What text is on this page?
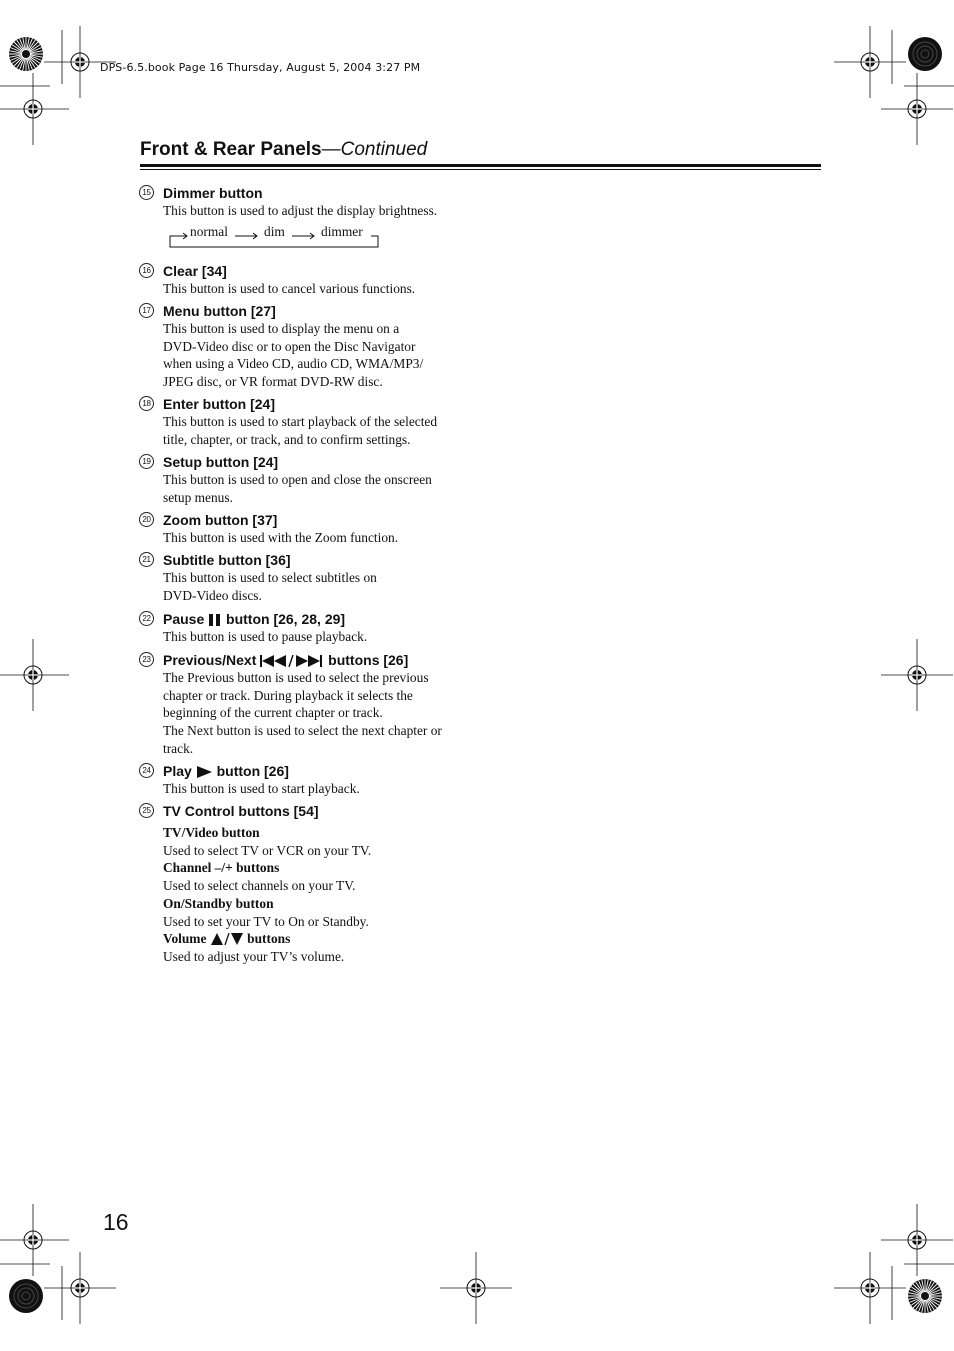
DPS-6.5.book Page 16 Thursday, August 5, 2004 3:27 PM
Front & Rear Panels—Continued
15 Dimmer button
This button is used to adjust the display brightness.
normal	dim	dimmer
16 Clear [34]
This button is used to cancel various functions.
17 Menu button [27]
This button is used to display the menu on a
DVD-Video disc or to open the Disc Navigator
when using a Video CD, audio CD, WMA/MP3/
JPEG disc, or VR format DVD-RW disc.
18 Enter button [24]
This button is used to start playback of the selected
title, chapter, or track, and to confirm settings.
19 Setup button [24]
This button is used to open and close the onscreen
setup menus.
20 Zoom button [37]
This button is used with the Zoom function.
21 Subtitle button [36]
This button is used to select subtitles on
DVD-Video discs.
22 Pause button [26, 28, 29]
This button is used to pause playback.
23 Previous/Next	buttons [26]
The Previous button is used to select the previous
chapter or track. During playback it selects the
beginning of the current chapter or track.
The Next button is used to select the next chapter or
track.
24 Play button [26]
This button is used to start playback.
25 TV Control buttons [54]
TV/Video button
Used to select TV or VCR on your TV.
Channel –/+ buttons
Used to select channels on your TV.
On/Standby button
Used to set your TV to On or Standby.
Volume	buttons
Used to adjust your TV’s volume.
16
